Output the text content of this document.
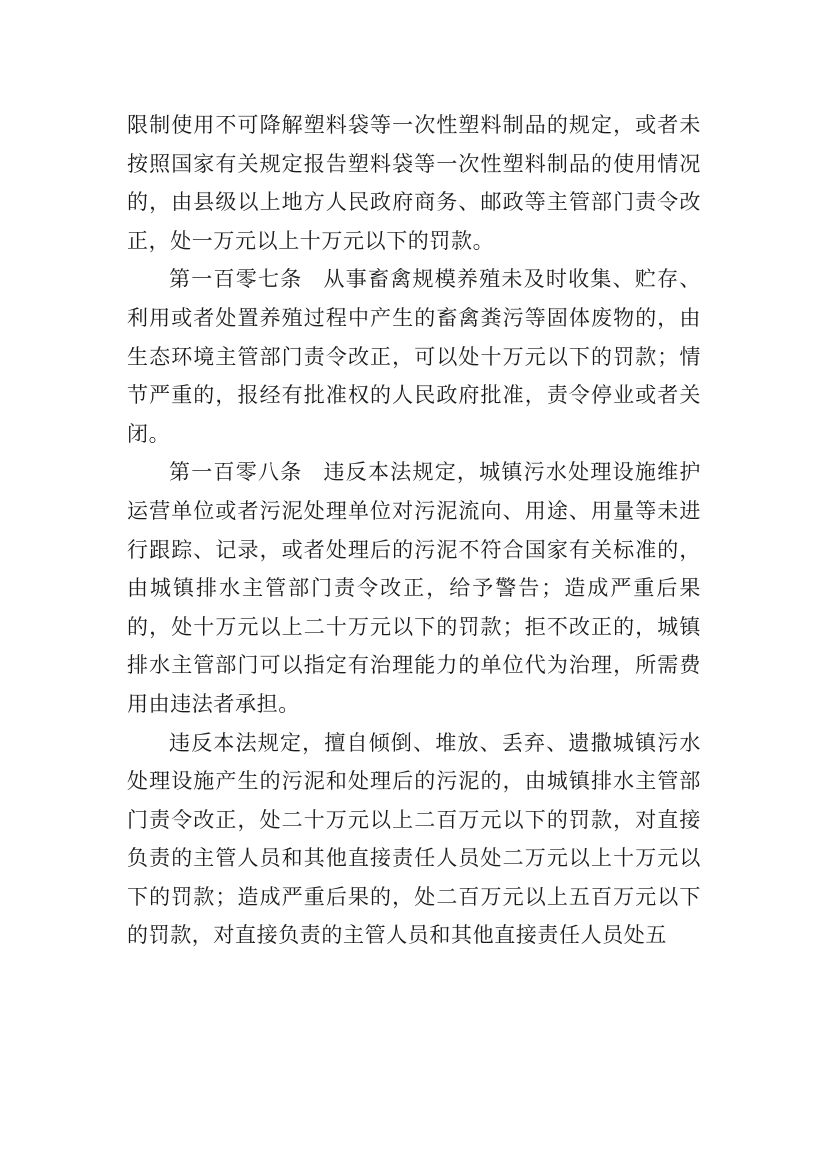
限制使用不可降解塑料袋等一次性塑料制品的规定，或者未按照国家有关规定报告塑料袋等一次性塑料制品的使用情况的，由县级以上地方人民政府商务、邮政等主管部门责令改正，处一万元以上十万元以下的罚款。

第一百零七条 从事畜禽规模养殖未及时收集、贮存、利用或者处置养殖过程中产生的畜禽粪污等固体废物的，由生态环境主管部门责令改正，可以处十万元以下的罚款；情节严重的，报经有批准权的人民政府批准，责令停业或者关闭。

第一百零八条 违反本法规定，城镇污水处理设施维护运营单位或者污泥处理单位对污泥流向、用途、用量等未进行跟踪、记录，或者处理后的污泥不符合国家有关标准的，由城镇排水主管部门责令改正，给予警告；造成严重后果的，处十万元以上二十万元以下的罚款；拒不改正的，城镇排水主管部门可以指定有治理能力的单位代为治理，所需费用由违法者承担。

违反本法规定，擅自倾倒、堆放、丢弃、遗撒城镇污水处理设施产生的污泥和处理后的污泥的，由城镇排水主管部门责令改正，处二十万元以上二百万元以下的罚款，对直接负责的主管人员和其他直接责任人员处二万元以上十万元以下的罚款；造成严重后果的，处二百万元以上五百万元以下的罚款，对直接负责的主管人员和其他直接责任人员处五
